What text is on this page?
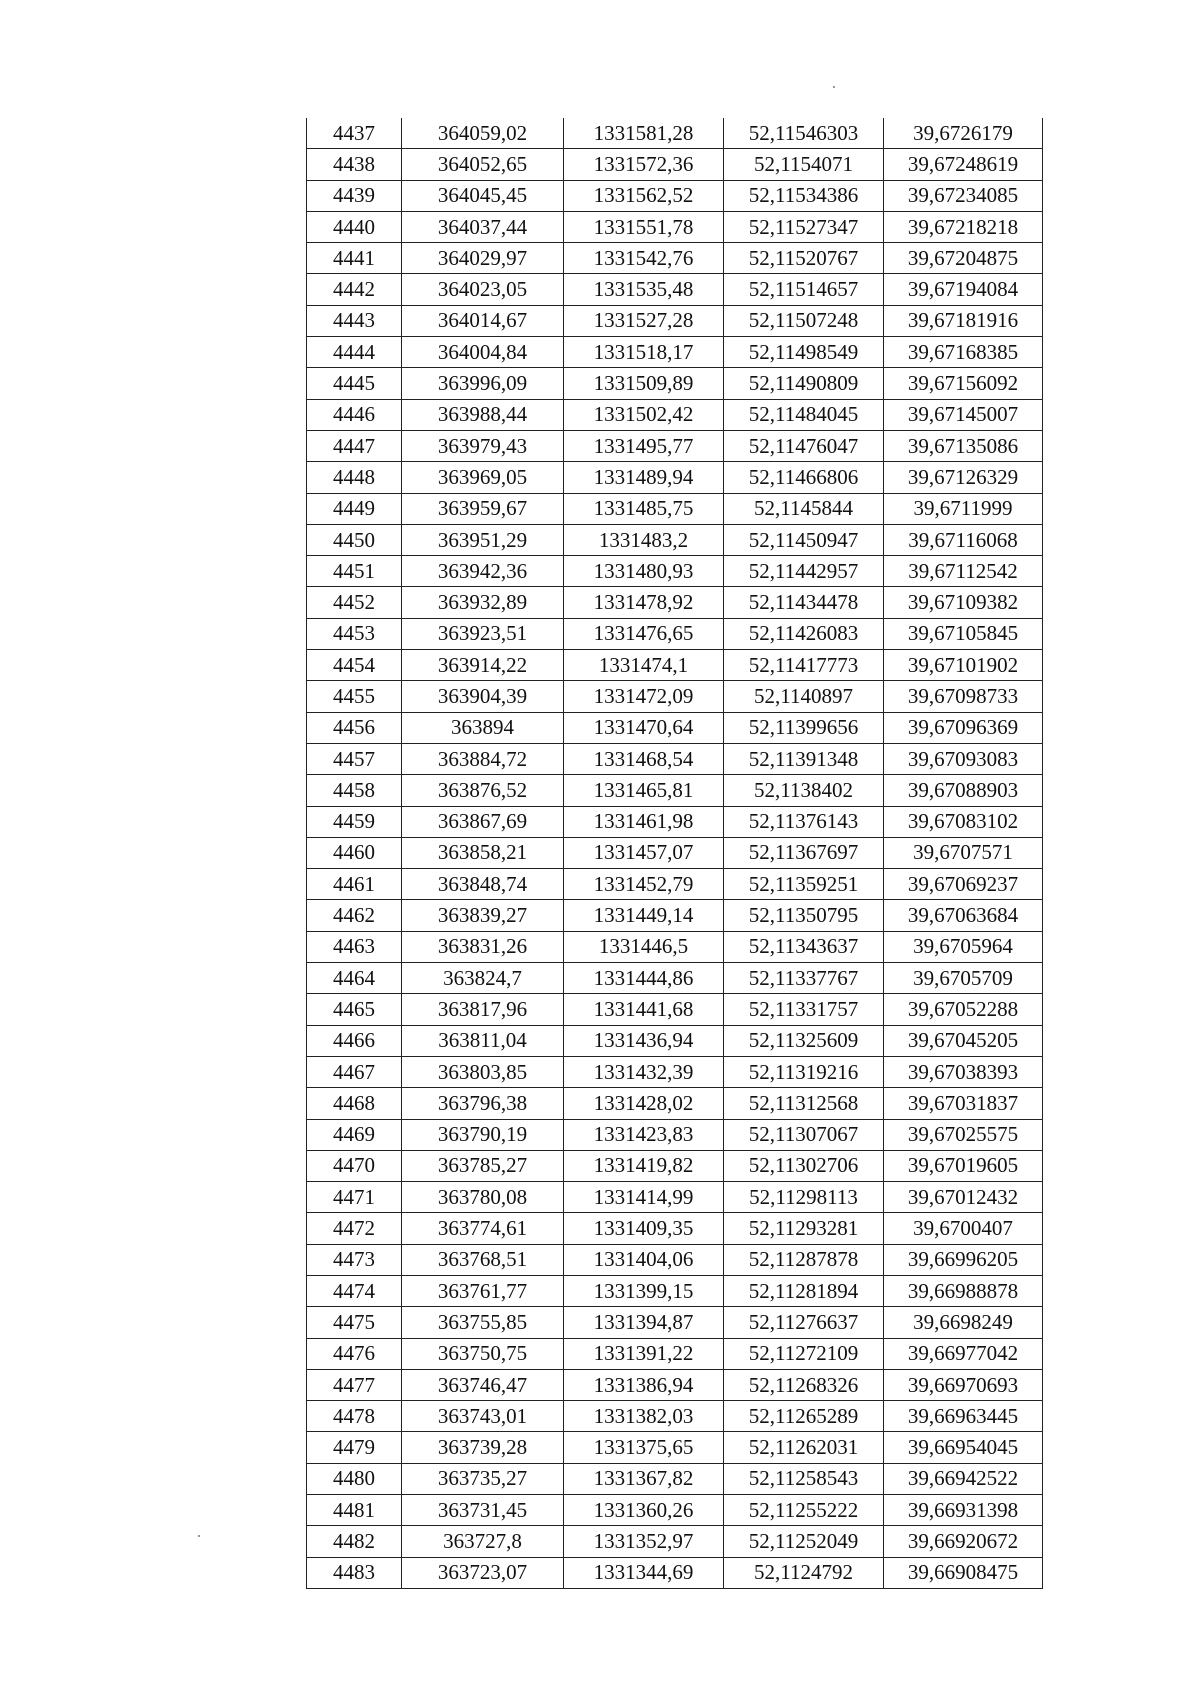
4437	364059,02	1331581,28	52,11546303	39,6726179
4438	364052,65	1331572,36	52,1154071	39,67248619
4439	364045,45	1331562,52	52,11534386	39,67234085
4440	364037,44	1331551,78	52,11527347	39,67218218
4441	364029,97	1331542,76	52,11520767	39,67204875
4442	364023,05	1331535,48	52,11514657	39,67194084
4443	364014,67	1331527,28	52,11507248	39,67181916
4444	364004,84	1331518,17	52,11498549	39,67168385
4445	363996,09	1331509,89	52,11490809	39,67156092
4446	363988,44	1331502,42	52,11484045	39,67145007
4447	363979,43	1331495,77	52,11476047	39,67135086
4448	363969,05	1331489,94	52,11466806	39,67126329
4449	363959,67	1331485,75	52,1145844	39,6711999
4450	363951,29	1331483,2	52,11450947	39,67116068
4451	363942,36	1331480,93	52,11442957	39,67112542
4452	363932,89	1331478,92	52,11434478	39,67109382
4453	363923,51	1331476,65	52,11426083	39,67105845
4454	363914,22	1331474,1	52,11417773	39,67101902
4455	363904,39	1331472,09	52,1140897	39,67098733
4456	363894	1331470,64	52,11399656	39,67096369
4457	363884,72	1331468,54	52,11391348	39,67093083
4458	363876,52	1331465,81	52,1138402	39,67088903
4459	363867,69	1331461,98	52,11376143	39,67083102
4460	363858,21	1331457,07	52,11367697	39,6707571
4461	363848,74	1331452,79	52,11359251	39,67069237
4462	363839,27	1331449,14	52,11350795	39,67063684
4463	363831,26	1331446,5	52,11343637	39,6705964
4464	363824,7	1331444,86	52,11337767	39,6705709
4465	363817,96	1331441,68	52,11331757	39,67052288
4466	363811,04	1331436,94	52,11325609	39,67045205
4467	363803,85	1331432,39	52,11319216	39,67038393
4468	363796,38	1331428,02	52,11312568	39,67031837
4469	363790,19	1331423,83	52,11307067	39,67025575
4470	363785,27	1331419,82	52,11302706	39,67019605
4471	363780,08	1331414,99	52,11298113	39,67012432
4472	363774,61	1331409,35	52,11293281	39,6700407
4473	363768,51	1331404,06	52,11287878	39,66996205
4474	363761,77	1331399,15	52,11281894	39,66988878
4475	363755,85	1331394,87	52,11276637	39,6698249
4476	363750,75	1331391,22	52,11272109	39,66977042
4477	363746,47	1331386,94	52,11268326	39,66970693
4478	363743,01	1331382,03	52,11265289	39,66963445
4479	363739,28	1331375,65	52,11262031	39,66954045
4480	363735,27	1331367,82	52,11258543	39,66942522
4481	363731,45	1331360,26	52,11255222	39,66931398
4482	363727,8	1331352,97	52,11252049	39,66920672
4483	363723,07	1331344,69	52,1124792	39,66908475
